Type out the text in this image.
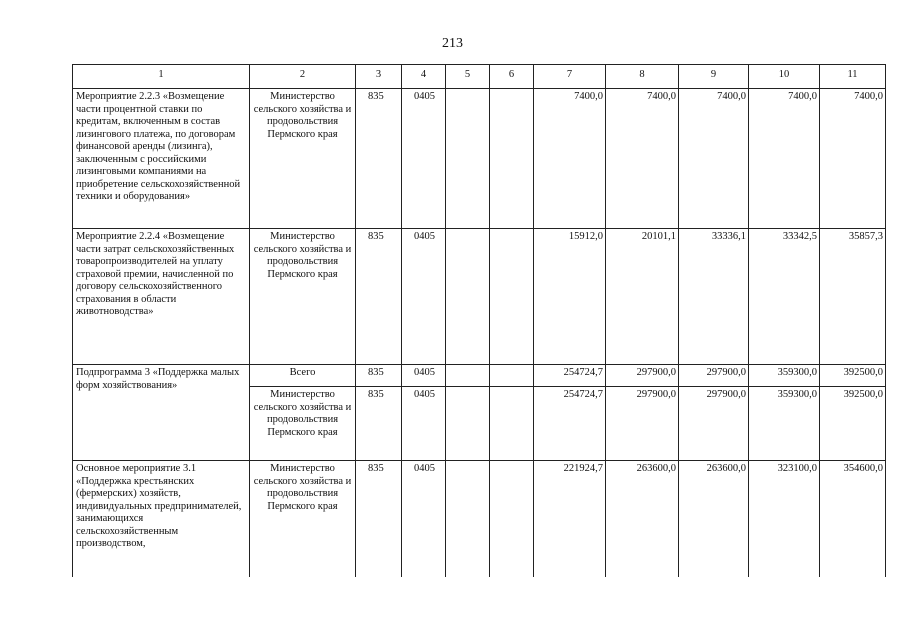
213
1	2	3	4	5	6	7	8	9	10	11
Мероприятие 2.2.3 «Возмещение части процентной ставки по кредитам, включенным в состав лизингового платежа, по договорам финансовой аренды (лизинга), заключенным с российскими лизинговыми компаниями на приобретение сельскохозяйственной техники и оборудования»	Министерство сельского хозяйства и продовольствия Пермского края	835	0405			7400,0	7400,0	7400,0	7400,0	7400,0
Мероприятие 2.2.4 «Возмещение части затрат сельскохозяйственных товаропроизводителей на уплату страховой премии, начисленной по договору сельскохозяйственного страхования в области животноводства»	Министерство сельского хозяйства и продовольствия Пермского края	835	0405			15912,0	20101,1	33336,1	33342,5	35857,3
Подпрограмма 3 «Поддержка малых форм хозяйствования»	Всего	835	0405			254724,7	297900,0	297900,0	359300,0	392500,0
	Министерство сельского хозяйства и продовольствия Пермского края	835	0405			254724,7	297900,0	297900,0	359300,0	392500,0
Основное мероприятие 3.1 «Поддержка крестьянских (фермерских) хозяйств, индивидуальных предпринимателей, занимающихся сельскохозяйственным производством,	Министерство сельского хозяйства и продовольствия Пермского края	835	0405			221924,7	263600,0	263600,0	323100,0	354600,0
